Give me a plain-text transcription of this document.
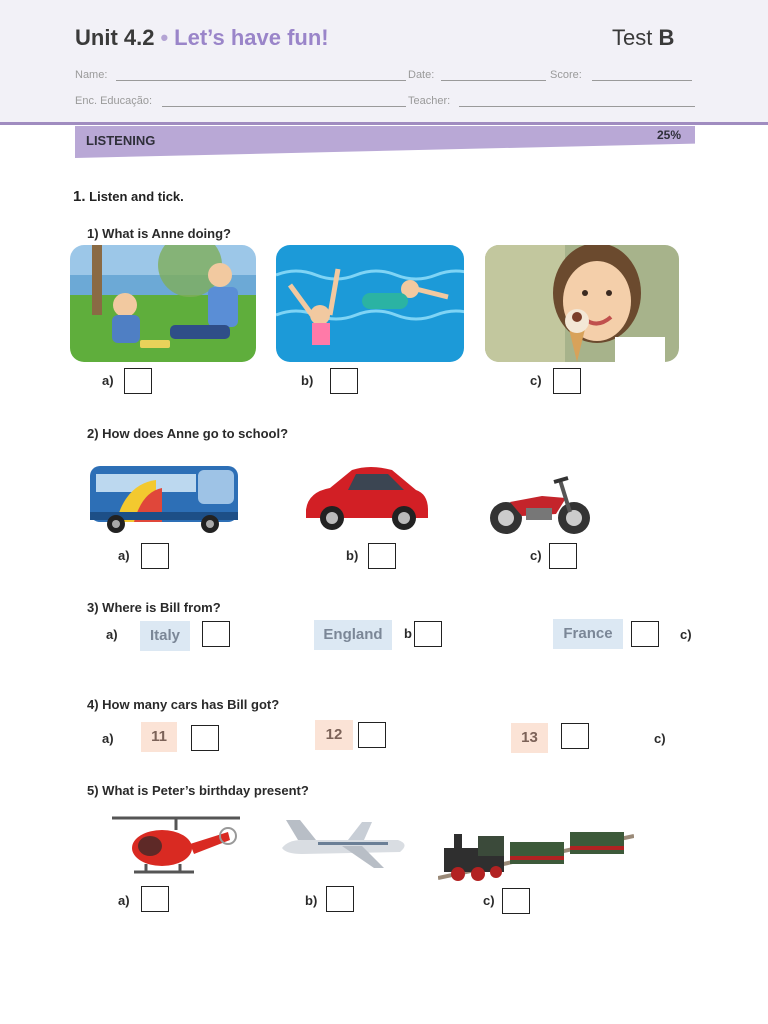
Unit 4.2 • Let’s have fun!	Test B
Name:	Date:	Score:
Enc. Educação:	Teacher:
LISTENING	25%
1. Listen and tick.
1) What is Anne doing?
a)	b)	c)
2) How does Anne go to school?
a)	b)	c)
3) Where is Bill from?
a)	Italy	England	b	France	c)
4) How many cars has Bill got?
a)	11	12	13	c)
5) What is Peter’s birthday present?
a)	b)	c)
